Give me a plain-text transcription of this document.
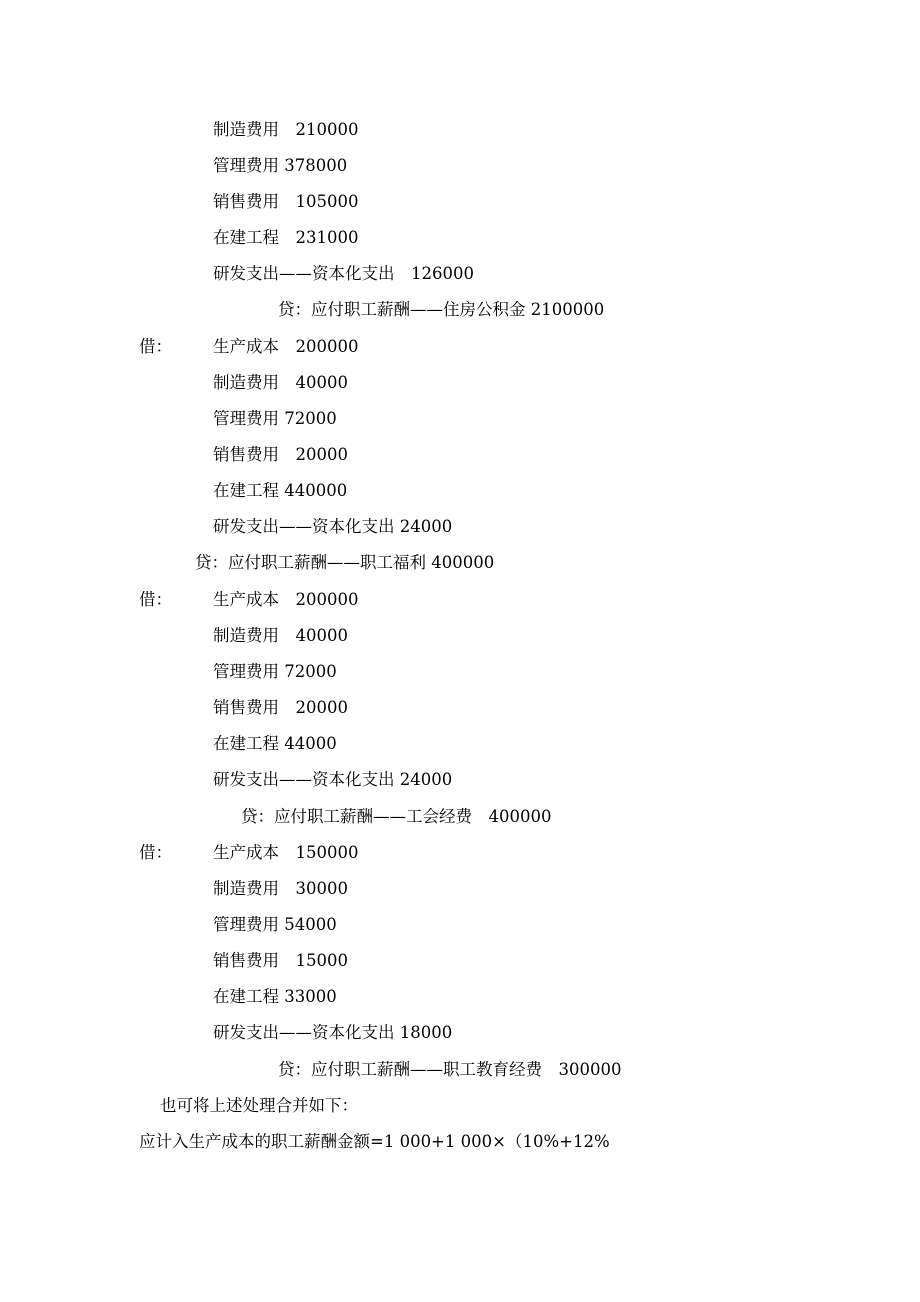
制造费用　210000
管理费用 378000
销售费用　105000
在建工程　231000
研发支出——资本化支出　126000
贷：应付职工薪酬——住房公积金 2100000
借： 生产成本　200000
制造费用　40000
管理费用 72000
销售费用　20000
在建工程 440000
研发支出——资本化支出 24000
贷：应付职工薪酬——职工福利 400000
借： 生产成本　200000
制造费用　40000
管理费用 72000
销售费用　20000
在建工程 44000
研发支出——资本化支出 24000
贷：应付职工薪酬——工会经费　400000
借： 生产成本　150000
制造费用　30000
管理费用 54000
销售费用　15000
在建工程 33000
研发支出——资本化支出 18000
贷：应付职工薪酬——职工教育经费　300000
也可将上述处理合并如下：
应计入生产成本的职工薪酬金额=1 000+1 000×（10%+12%
